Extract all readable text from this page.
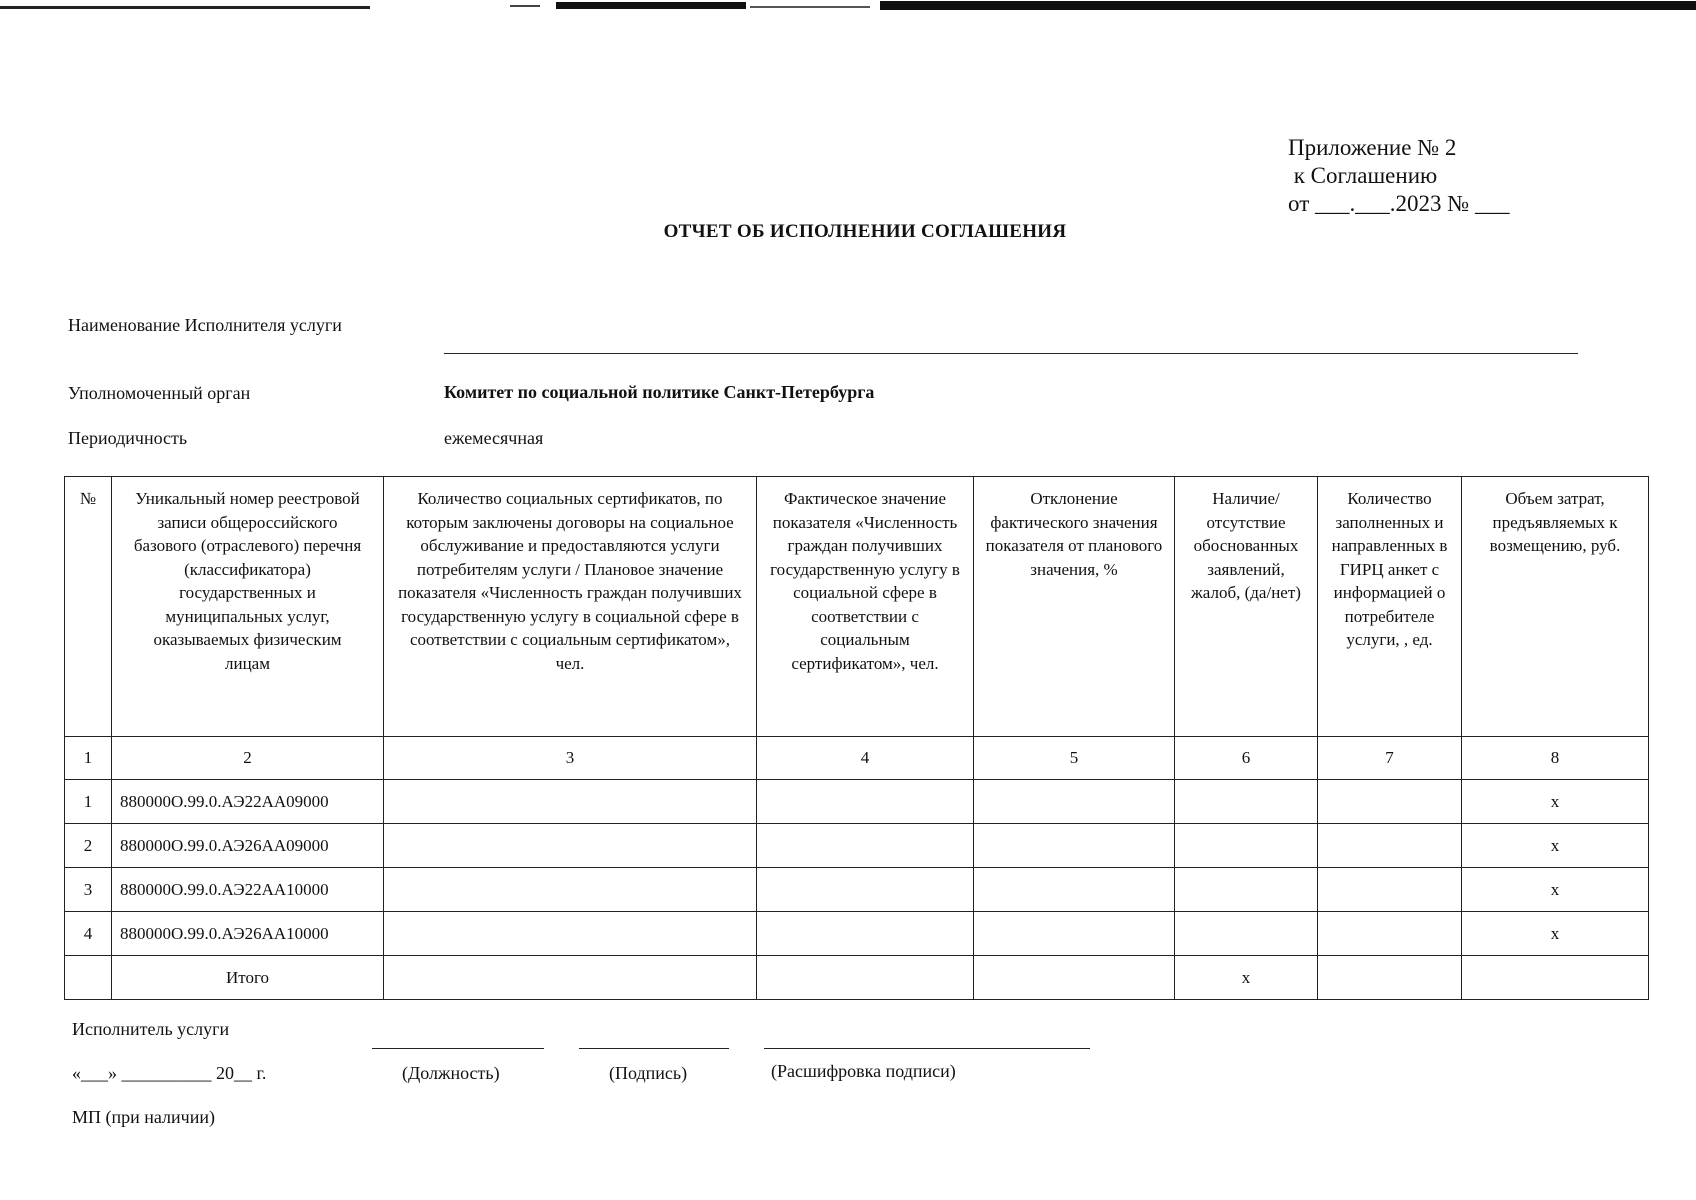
Приложение № 2
к Соглашению
от ___.___.2023 № ___
ОТЧЕТ ОБ ИСПОЛНЕНИИ СОГЛАШЕНИЯ
Наименование Исполнителя услуги
Уполномоченный орган	Комитет по социальной политике Санкт-Петербурга
Периодичность	ежемесячная
№	Уникальный номер реестровой записи общероссийского базового (отраслевого) перечня (классификатора) государственных и муниципальных услуг, оказываемых физическим лицам	Количество социальных сертификатов, по которым заключены договоры на социальное обслуживание и предоставляются услуги потребителям услуги / Плановое значение показателя «Численность граждан получивших государственную услугу в социальной сфере в соответствии с социальным сертификатом», чел.	Фактическое значение показателя «Численность граждан получивших государственную услугу в социальной сфере в соответствии с социальным сертификатом», чел.	Отклонение фактического значения показателя от планового значения, %	Наличие/ отсутствие обоснованных заявлений, жалоб, (да/нет)	Количество заполненных и направленных в ГИРЦ анкет с информацией о потребителе услуги, , ед.	Объем затрат, предъявляемых к возмещению, руб.
1	2	3	4	5	6	7	8
1	880000О.99.0.АЭ22АА09000						х
2	880000О.99.0.АЭ26АА09000						х
3	880000О.99.0.АЭ22АА10000						х
4	880000О.99.0.АЭ26АА10000						х
	Итого				х		
Исполнитель услуги
«___» __________ 20__ г.	(Должность)	(Подпись)	(Расшифровка подписи)
МП (при наличии)
